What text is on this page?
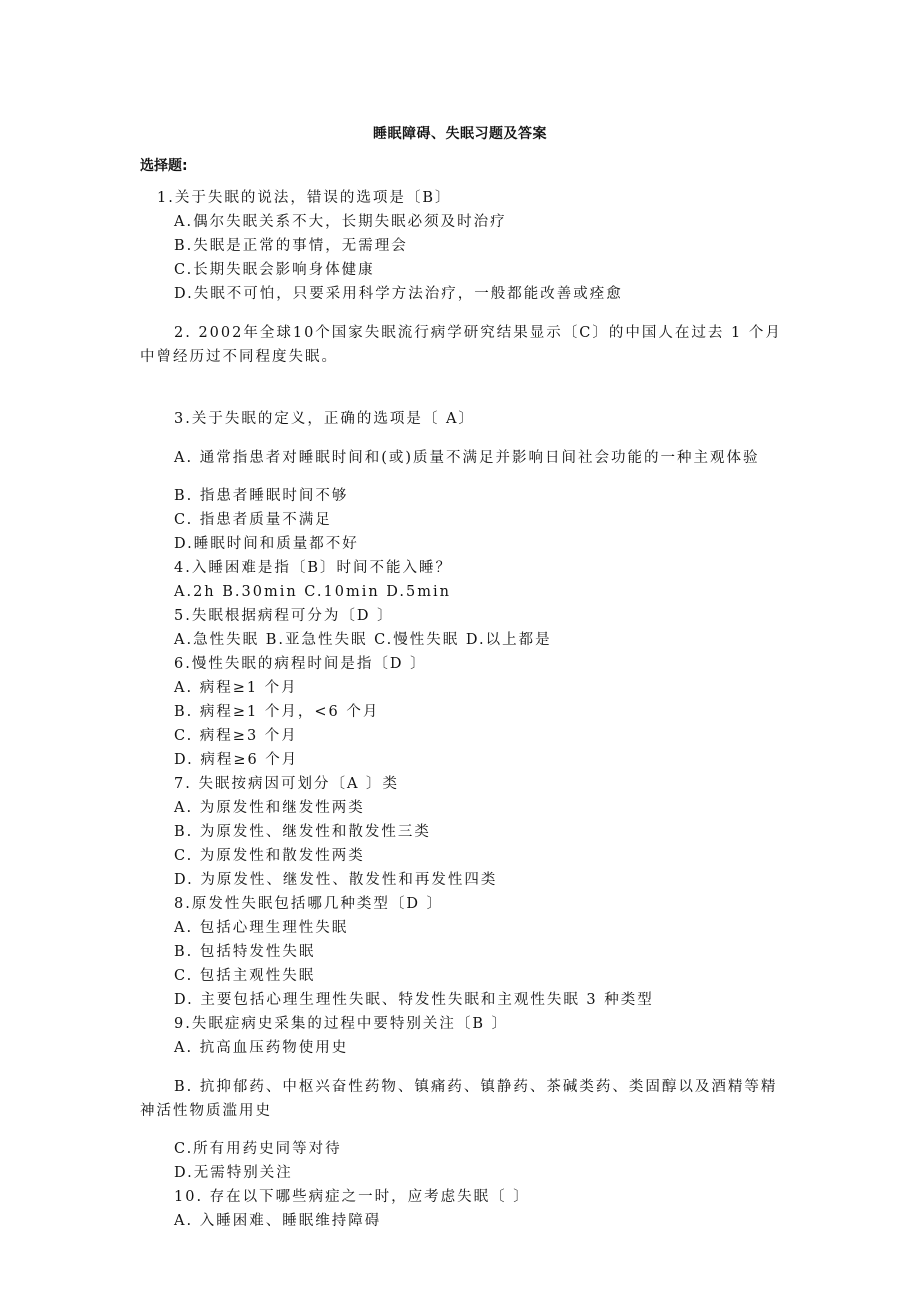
睡眠障碍、失眠习题及答案
选择题:

1.关于失眠的说法，错误的选项是〔B〕

A.偶尔失眠关系不大，长期失眠必须及时治疗

B.失眠是正常的事情，无需理会

C.长期失眠会影响身体健康

D.失眠不可怕，只要采用科学方法治疗，一般都能改善或痊愈

2. 2002年全球10个国家失眠流行病学研究结果显示〔C〕的中国人在过去 1 个月中曾经历过不同程度失眠。

3.关于失眠的定义，正确的选项是〔 A〕

A. 通常指患者对睡眠时间和(或)质量不满足并影响日间社会功能的一种主观体验

B. 指患者睡眠时间不够

C. 指患者质量不满足

D.睡眠时间和质量都不好

4.入睡困难是指〔B〕时间不能入睡？

A.2h B.30min C.10min D.5min

5.失眠根据病程可分为〔D 〕

A.急性失眠 B.亚急性失眠 C.慢性失眠 D.以上都是

6.慢性失眠的病程时间是指〔D 〕

A. 病程≥1 个月

B. 病程≥1 个月，<6 个月

C. 病程≥3 个月

D. 病程≥6 个月

7. 失眠按病因可划分〔A 〕类

A. 为原发性和继发性两类

B. 为原发性、继发性和散发性三类

C. 为原发性和散发性两类

D. 为原发性、继发性、散发性和再发性四类

8.原发性失眠包括哪几种类型〔D 〕

A. 包括心理生理性失眠

B. 包括特发性失眠

C. 包括主观性失眠

D. 主要包括心理生理性失眠、特发性失眠和主观性失眠 3 种类型

9.失眠症病史采集的过程中要特别关注〔B 〕

A. 抗高血压药物使用史

B. 抗抑郁药、中枢兴奋性药物、镇痛药、镇静药、茶碱类药、类固醇以及酒精等精神活性物质滥用史

C.所有用药史同等对待

D.无需特别关注

10. 存在以下哪些病症之一时，应考虑失眠〔 〕

A. 入睡困难、睡眠维持障碍
